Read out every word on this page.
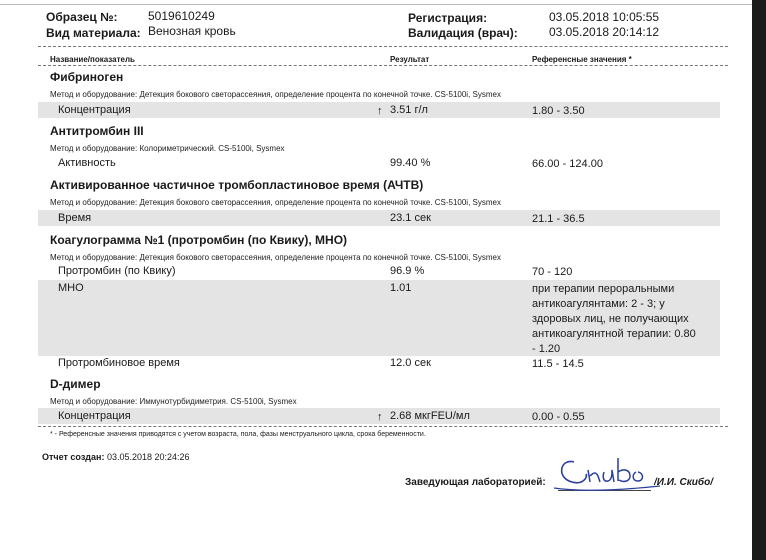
Образец №:	5019610249
Вид материала: Венозная кровь
Регистрация:	03.05.2018 10:05:55
Валидация (врач):	03.05.2018 20:14:12
Название/показатель	Результат	Референсные значения *
Фибриноген
Метод и оборудование: Детекция бокового светорассеяния, определение процента по конечной точке. CS-5100i, Sysmex
Концентрация	↑ 3.51 г/л	1.80 - 3.50
Антитромбин III
Метод и оборудование: Колориметрический. CS-5100i, Sysmex
Активность	99.40 %	66.00 - 124.00
Активированное частичное тромбопластиновое время (АЧТВ)
Метод и оборудование: Детекция бокового светорассеяния, определение процента по конечной точке. CS-5100i, Sysmex
Время	23.1 сек	21.1 - 36.5
Коагулограмма №1 (протромбин (по Квику), МНО)
Метод и оборудование: Детекция бокового светорассеяния, определение процента по конечной точке. CS-5100i, Sysmex
Протромбин (по Квику)	96.9 %	70 - 120
МНО	1.01	при терапии пероральными
антикоагулянтами: 2 - 3; у
здоровых лиц, не получающих
антикоагулянтной терапии: 0.80
- 1.20
Протромбиновое время	12.0 сек	11.5 - 14.5
D-димер
Метод и оборудование: Иммунотурбидиметрия. CS-5100i, Sysmex
Концентрация	↑ 2.68 мкгFEU/мл	0.00 - 0.55
* - Референсные значения приводятся с учетом возраста, пола, фазы менструального цикла, срока беременности.
Отчет создан: 03.05.2018 20:24:26
Заведующая лабораторией:	/И.И. Скибо/
